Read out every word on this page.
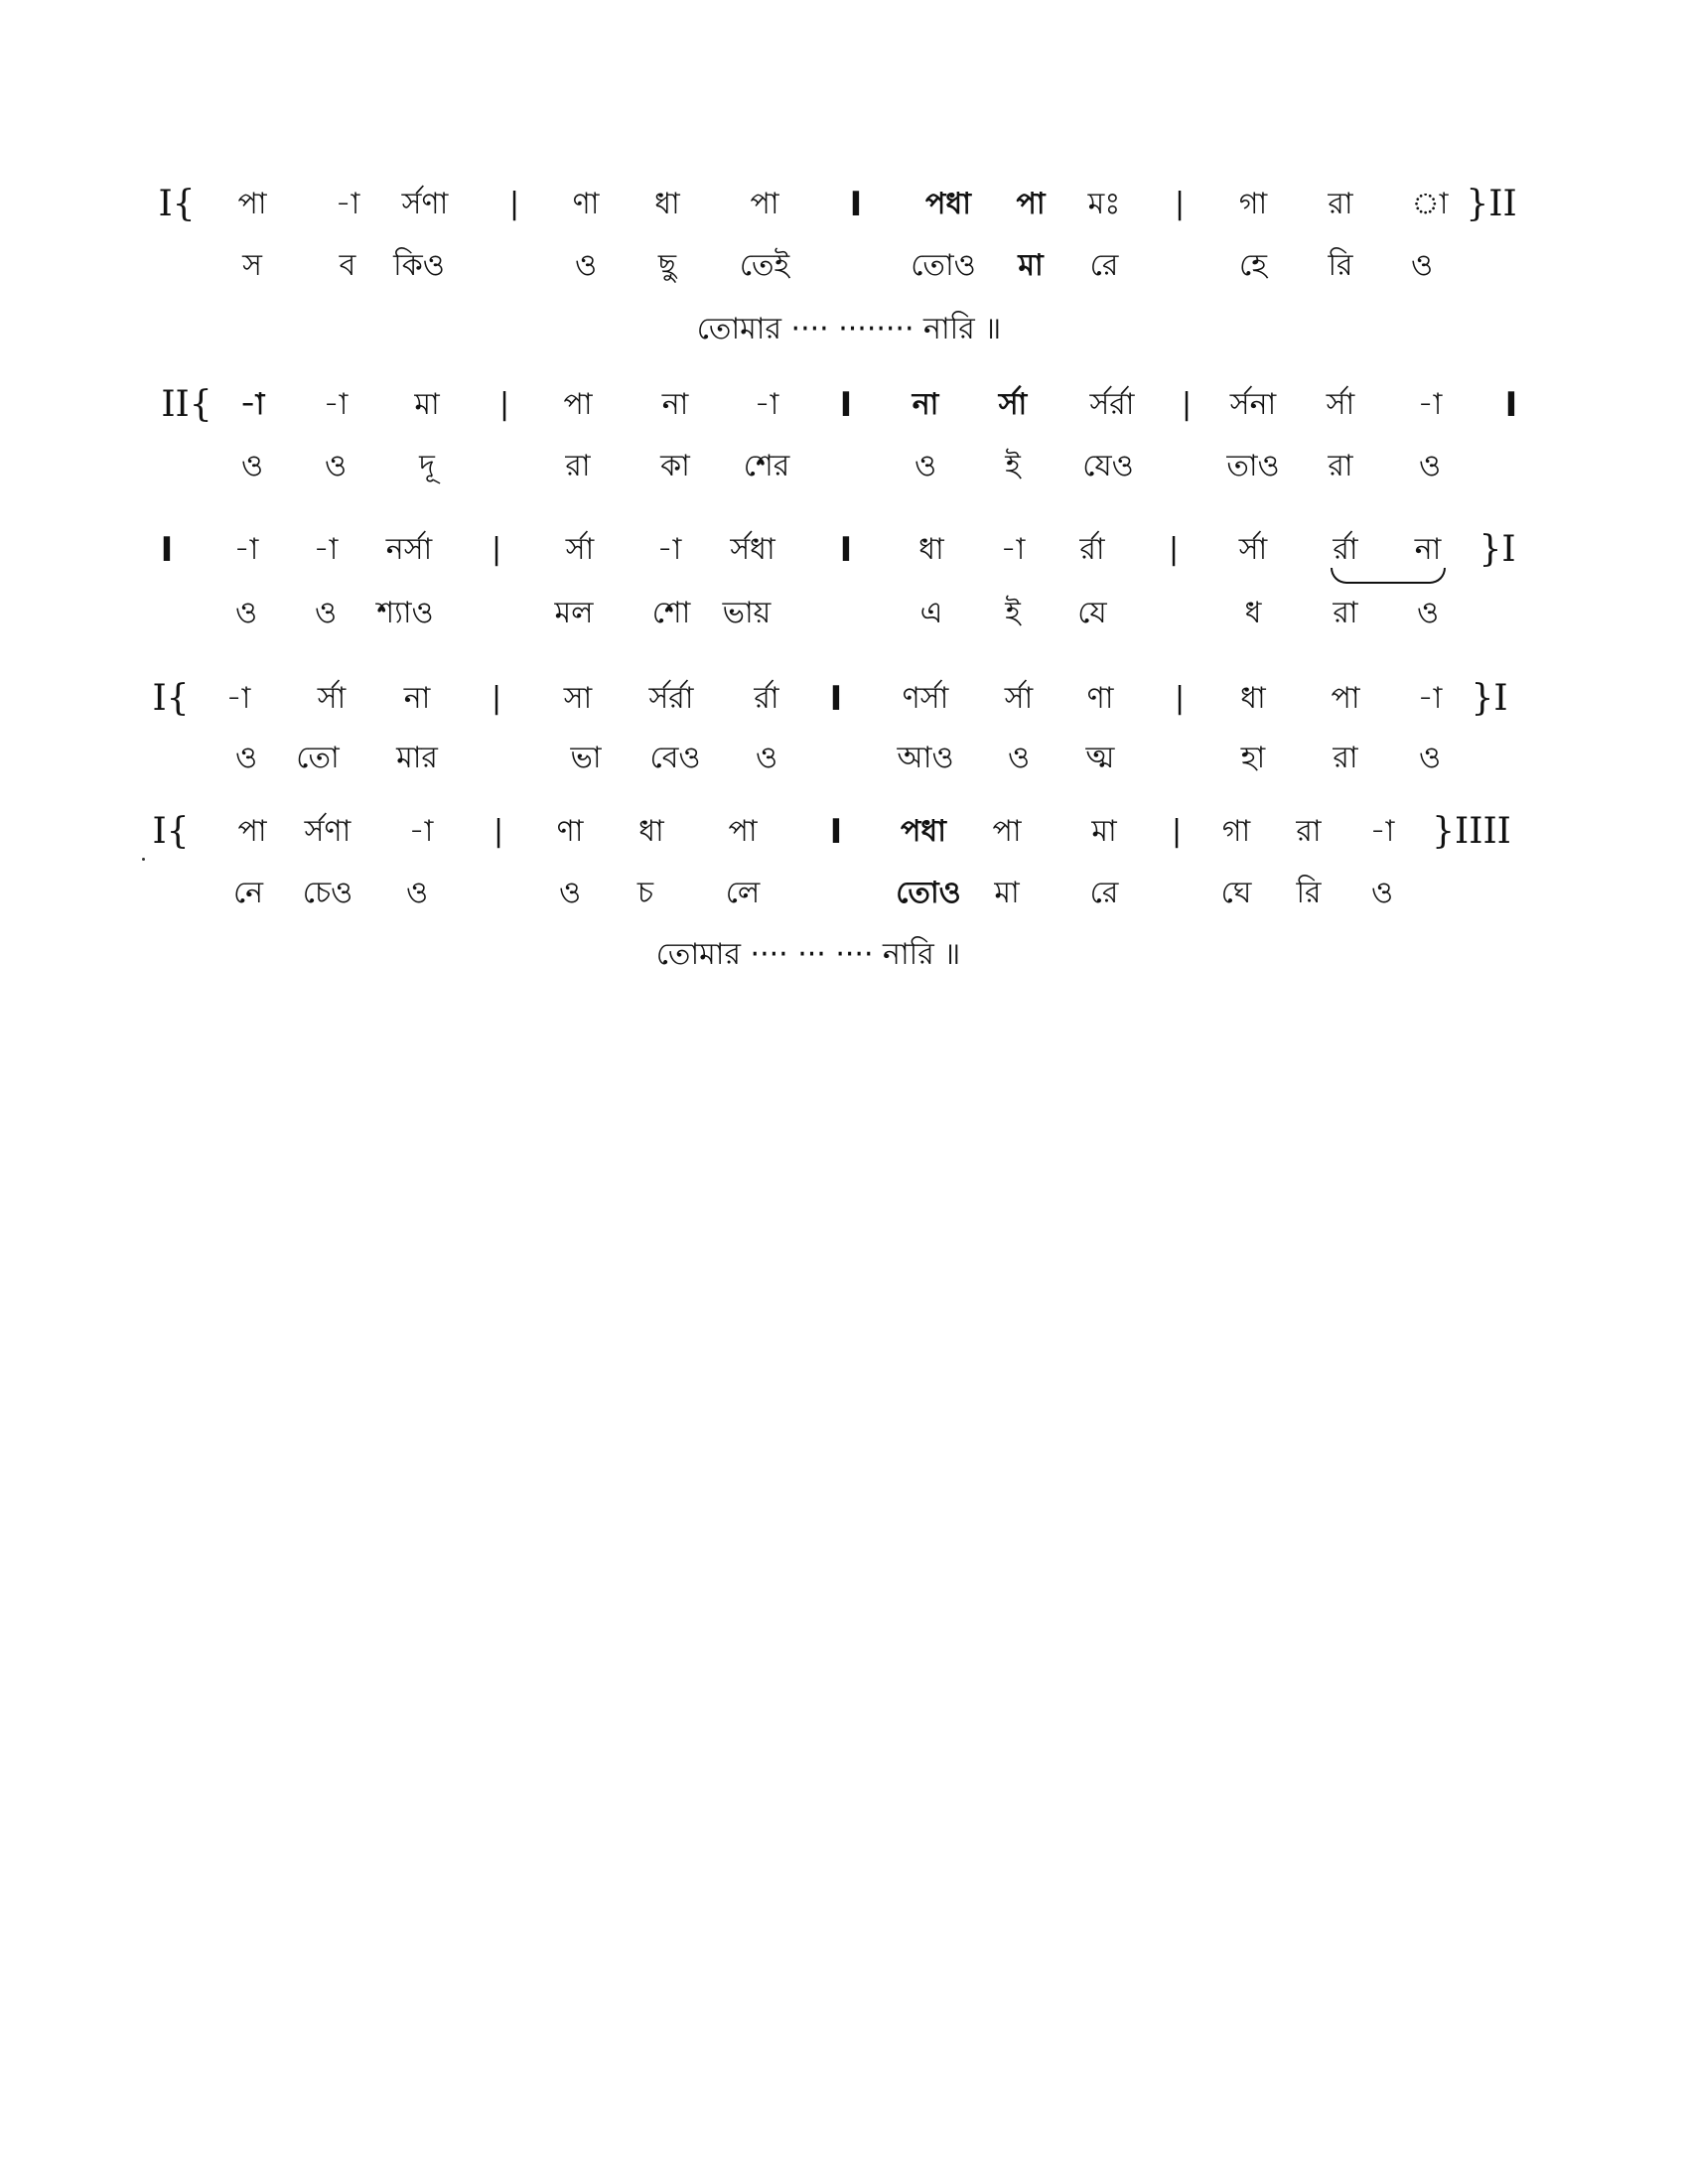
I{ পা -া র্সণা | ণা ধা পা I পধা পা মঃ | গা রা া }II
স	ব কিও	ও ছু তেই	তোও মা রে	হে রি ও
তোমার ···· ········ নারি ॥
II{ -া -া মা | পা না -া I না র্সা র্সর্রা | র্সনা র্সা -া I
ও ও দূ	রা কা শের	ও ই যেও	তাও রা ও
I -া -া নর্সা | র্সা -া র্সধা I ধা -া র্রা | র্সা র্রা না }I
ও ও শ্যাও	মল শো ভায়	এ ই যে	ধ রা ও
I{ -া র্সা না | সা র্সর্রা র্রা I ণর্সা র্সা ণা | ধা পা -া }I
ও তো মার	ভা বেও ও	আও ও ত্ম	হা রা ও
I{ পা র্সণা -া | ণা ধা পা I পধা পা মা | গা রা -া }IIII
নে চেও ও	ও চ লে	তোও মা রে	ঘে রি ও
তোমার ···· ··· ···· নারি ॥
